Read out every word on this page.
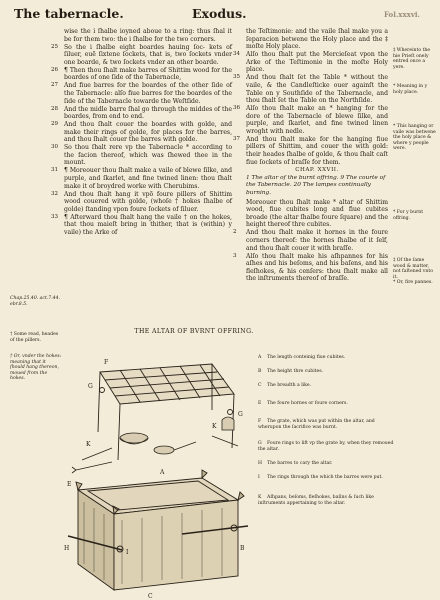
The tabernacle.	Exodus.	Fol.xxxvi.
Chap.25.40. act.7.44. ebr.8.5.
† Some read, heades of the pillers.
† Or, vnder the hokes: meaning that it ſhould hang thereon, moued from the hokes.
wise the i ſhalbe ioyned aboue to a ring: thus ſhal it be for them two: the i ſhalbe for the two corners.
25 So the i ſhalbe eight boardes hauing ſoc- kets of ſiluer, euẽ ſixtene ſockets, that is, two ſockets vnder one boarde, & two ſockets vnder an other boarde.
26 ¶ Then thou ſhalt make barres of Shittim wood for the boardes of one ſide of the Tabernacle,
27 And fiue barres for the boardes of the other ſide of the Tabernacle: alſo fiue barres for the boardes of the ſide of the Tabernacle towarde the Weſtſide.
28 And the midle barre ſhal go through the middes of the boardes, from end to end.
29 And thou ſhalt couer the boardes with golde, and make their rings of golde, for places for the barres, and thou ſhalt couer the barres with golde.
30 So thou ſhalt rere vp the Tabernacle * according to the facion thereof, which was ſhewed thee in the mount.
31 ¶ Moreouer thou ſhalt make a vaile of blewe ſilke, and purple, and ſkarlet, and fine twined linen: thou ſhalt make it of broydred worke with Cherubims.
32 And thou ſhalt hang it vpõ foure pillers of Shittim wood couered with golde, (whoſe † hokes ſhalbe of golde) ſtanding vpon foure ſockets of ſiluer.
33 ¶ Afterward thou ſhalt hang the vaile † on the hokes, that thou maieſt bring in thither, that is (within) y vaile) the Arke of
the Teſtimonie: and the vaile ſhal make you a ſeparacion betwene the Holy place and the ‡ moſte Holy place.
34 Alſo thou ſhalt put the Mercieſeat vpon the Arke of the Teſtimonie in the moſte Holy place.
35 And thou ſhalt ſet the Table * without the vaile, & the Candleſticke ouer againſt the Table on y Southſide of the Tabernacle, and thou ſhalt ſet the Table on the Northſide.
36 Alſo thou ſhalt make an * hanging for the dore of the Tabernacle of blewe ſilke, and purple, and ſkarlet, and fine twined linen wroght with nedle.
37 And thou ſhalt make for the hanging fiue pillers of Shittim, and couer the with gold: their heades ſhalbe of golde, & thou ſhalt caſt fiue ſockets of braſſe for them.
CHAP. XXVII.
1 The altar of the burnt offring. 9 The courte of the Tabernacle. 20 The lampes continually burning.
Moreouer thou ſhalt make * altar of Shittim wood, fiue cubites long and fiue cubites broade (the altar ſhalbe foure ſquare) and the height thereof thre cubites.
2 And thou ſhalt make it hornes in the foure corners thereof: the hornes ſhalbe of it ſelf, and thou ſhalt couer it with braſſe.
3 Alſo thou ſhalt make his aſhpannes for his aſhes and his beſoms, and his baſens, and his fleſhokes, & his cenſers: thou ſhalt make all the inſtruments thereof of braſſe.
‡ Whereinto the hie Prieſt onely entred once a yere.
* Meaning in y holy place.
* This hanging or vaile was betwene the holy place & where y people were.
* For y burnt offring.
‡ Of the ſame wood & matter, not faſtened vnto it.
* Or, fire pannes.
THE ALTAR OF BVRNT OFFRING.
F
G
G
K
K
E
A
H
I
B
C
A The length conteinig fiue cubites.
B The height thre cubites.
C The breadth a like.
E The foure hornes or foure corners.
F The grate, which was put within the altar, and wherupon the ſacrifice was burnt.
G Foure rings to lift vp the grate by, when they remoued the altar.
H The barres to cary the altar.
I The rings through the which the barres were put.
K Aſhpans, beſoms, fleſhokes, baſins & ſuch like inſtruments appertaining to the altar.
